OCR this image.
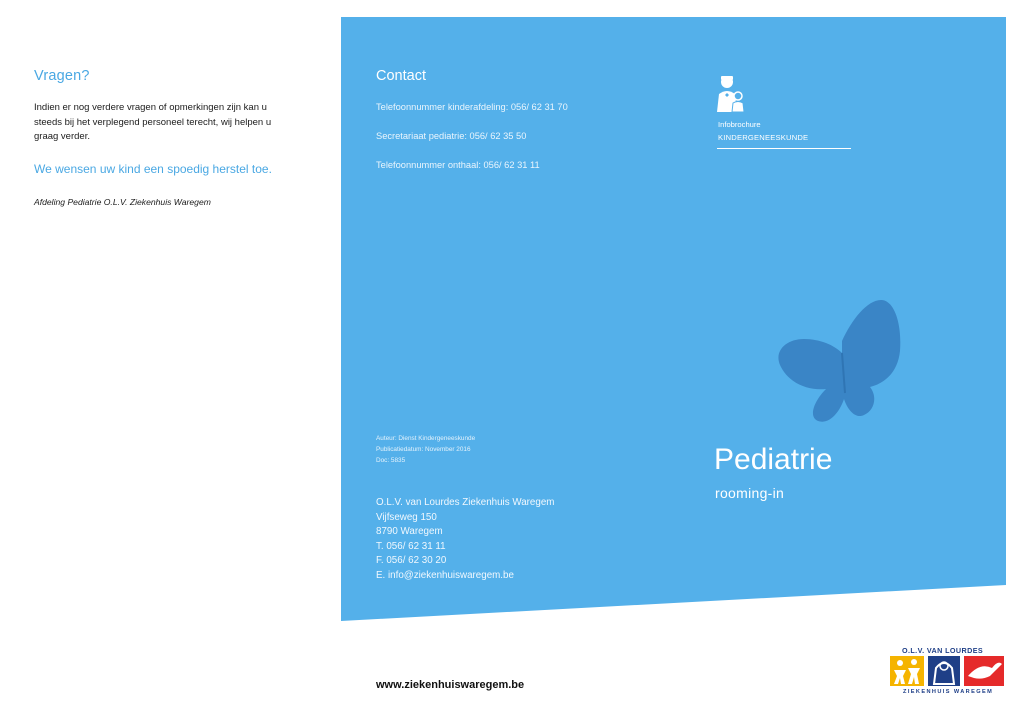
Vragen?
Indien er nog verdere vragen of opmerkingen zijn kan u steeds bij het verplegend personeel terecht, wij helpen u graag verder.
We wensen uw kind een spoedig herstel toe.
Afdeling Pediatrie O.L.V. Ziekenhuis Waregem
Contact
Telefoonnummer kinderafdeling: 056/ 62 31 70
Secretariaat pediatrie: 056/ 62 35 50
Telefoonnummer onthaal: 056/ 62 31 11
Auteur: Dienst Kindergeneeskunde
Publicatiedatum: November 2016
Doc: 5835
O.L.V. van Lourdes Ziekenhuis Waregem
Vijfseweg 150
8790 Waregem
T. 056/ 62 31 11
F. 056/ 62 30 20
E. info@ziekenhuiswaregem.be
Infobrochure
KINDERGENEESKUNDE
Pediatrie
rooming-in
www.ziekenhuiswaregem.be
O.L.V. VAN LOURDES
ZIEKENHUIS WAREGEM
